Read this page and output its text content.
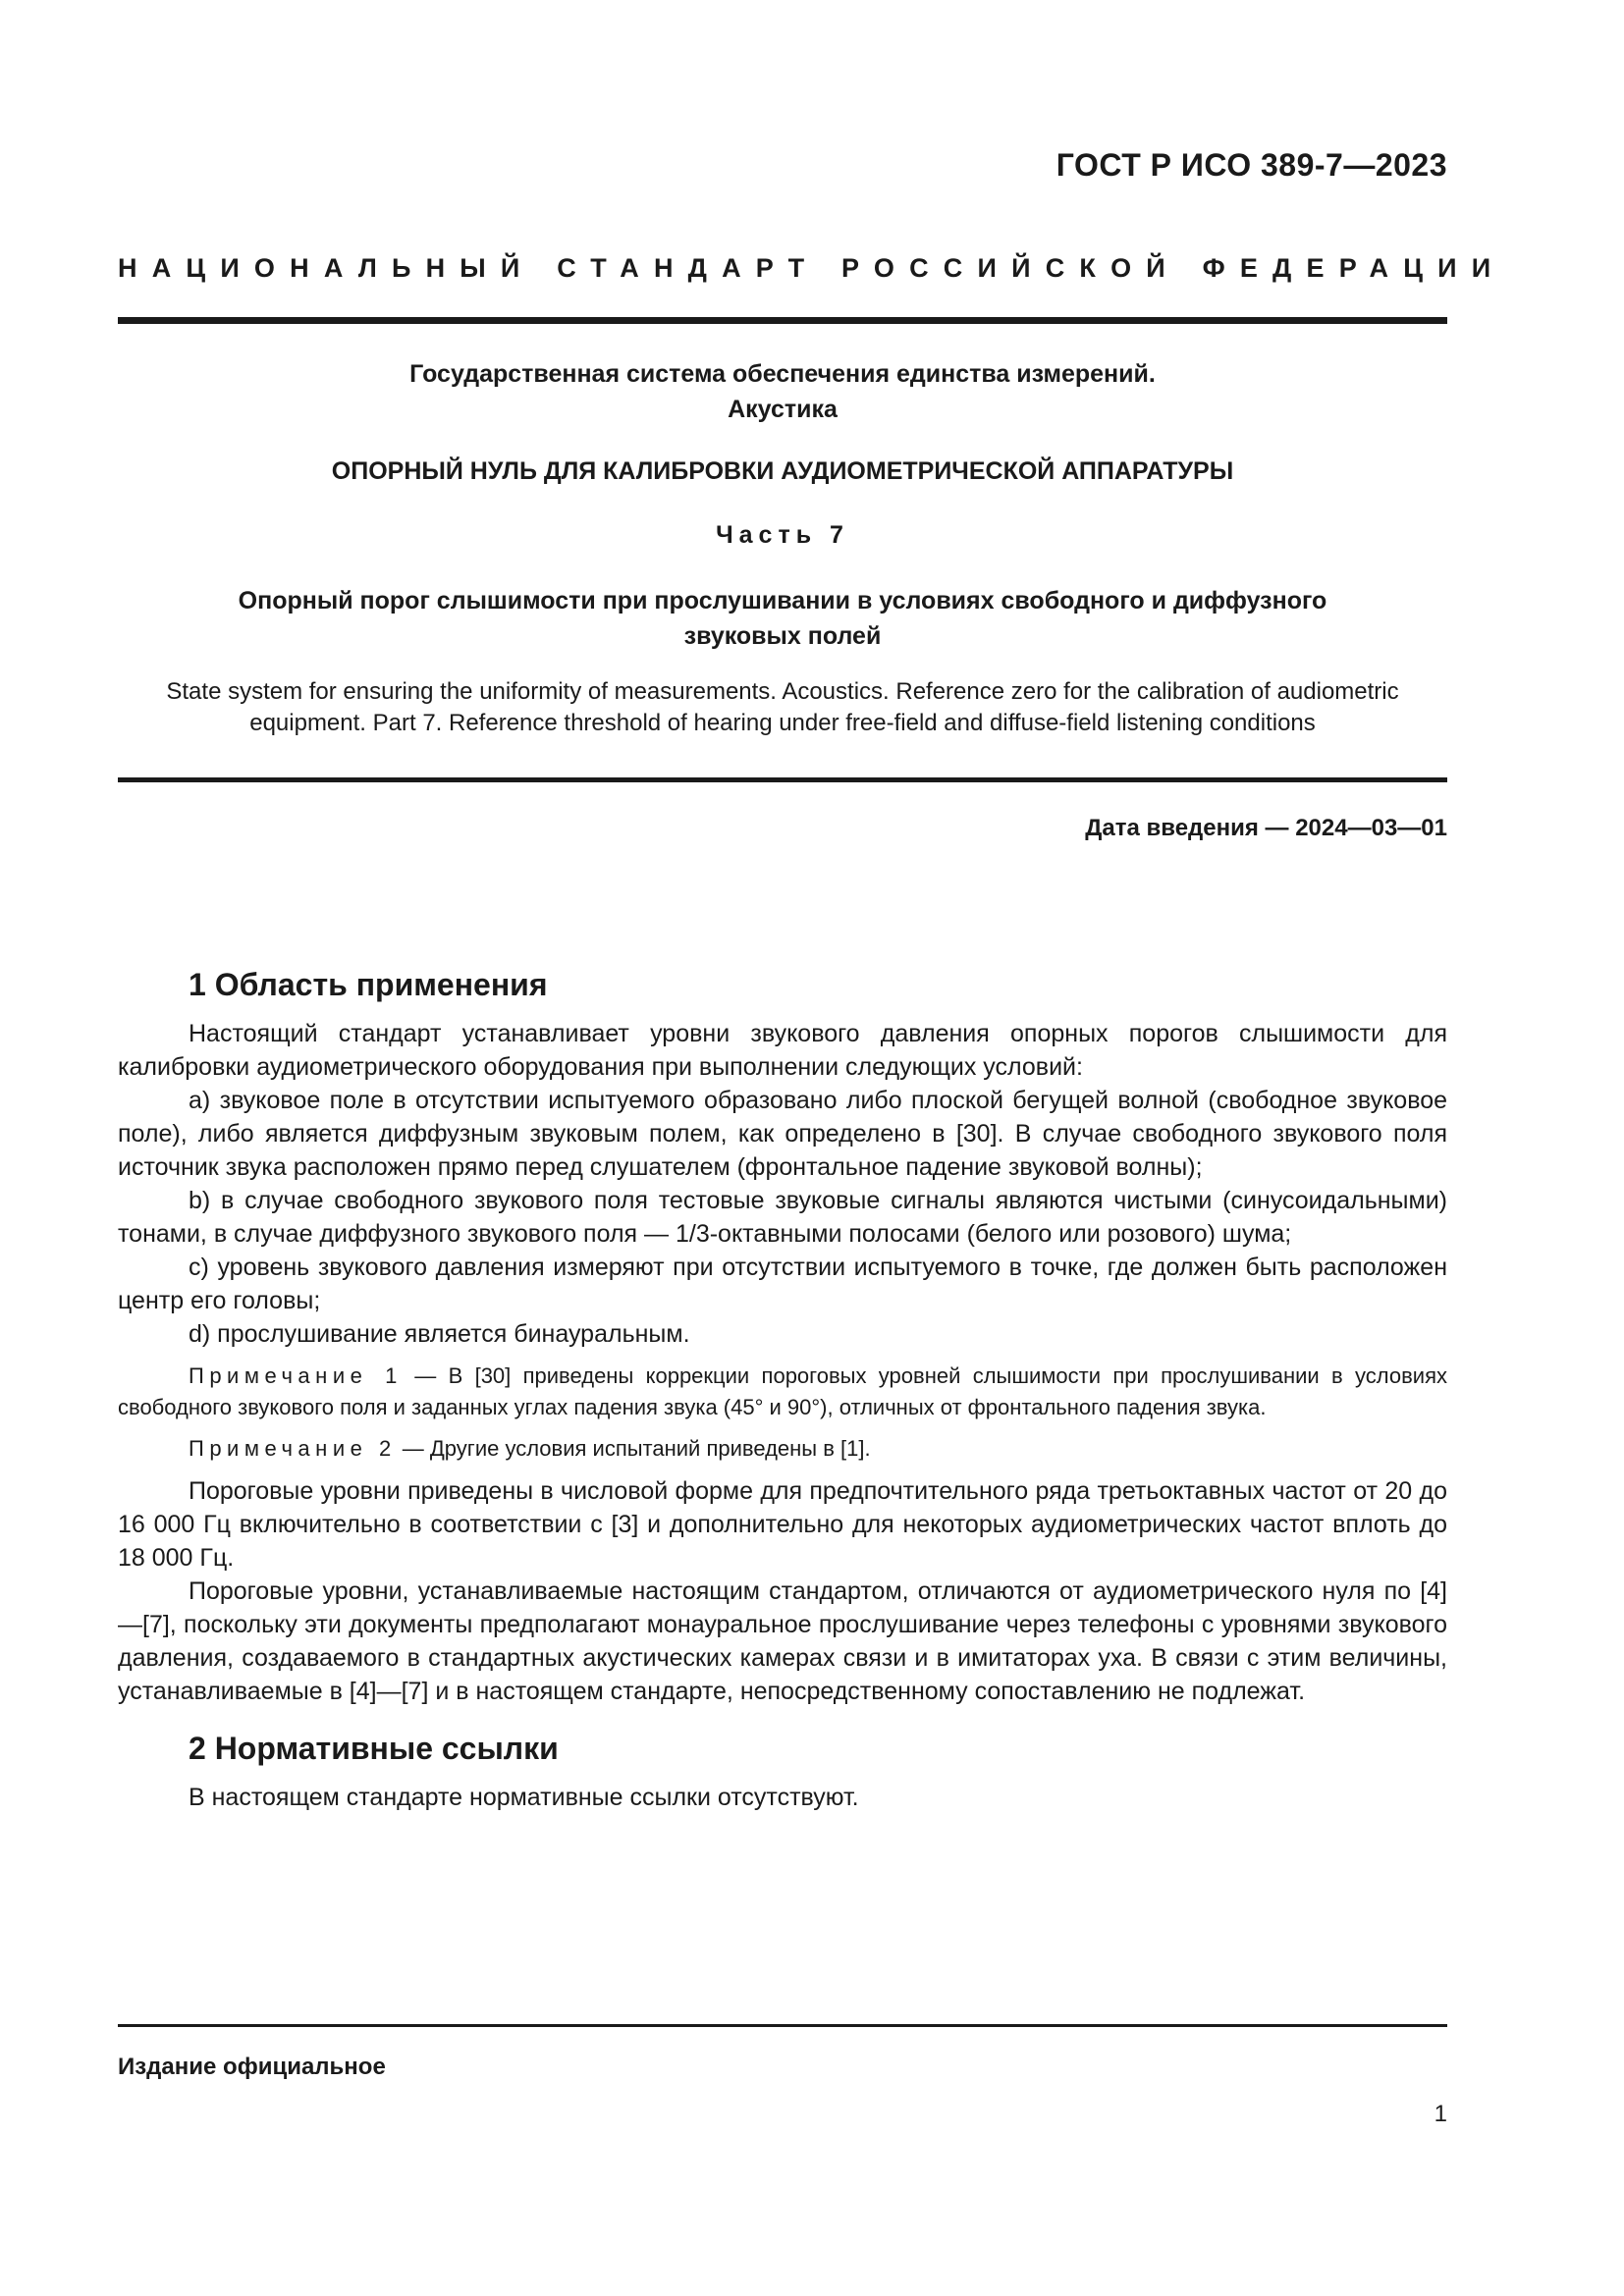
ГОСТ Р ИСО 389-7—2023
НАЦИОНАЛЬНЫЙ СТАНДАРТ РОССИЙСКОЙ ФЕДЕРАЦИИ
Государственная система обеспечения единства измерений.
Акустика
ОПОРНЫЙ НУЛЬ ДЛЯ КАЛИБРОВКИ АУДИОМЕТРИЧЕСКОЙ АППАРАТУРЫ
Часть 7
Опорный порог слышимости при прослушивании в условиях свободного и диффузного
звуковых полей
State system for ensuring the uniformity of measurements. Acoustics. Reference zero for the calibration of audiometric
equipment. Part 7. Reference threshold of hearing under free-field and diffuse-field listening conditions
Дата введения — 2024—03—01
1 Область применения

Настоящий стандарт устанавливает уровни звукового давления опорных порогов слышимости для калибровки аудиометрического оборудования при выполнении следующих условий:

a) звуковое поле в отсутствии испытуемого образовано либо плоской бегущей волной (свободное звуковое поле), либо является диффузным звуковым полем, как определено в [30]. В случае свободного звукового поля источник звука расположен прямо перед слушателем (фронтальное падение звуковой волны);

b) в случае свободного звукового поля тестовые звуковые сигналы являются чистыми (синусоидальными) тонами, в случае диффузного звукового поля — 1/3-октавными полосами (белого или розового) шума;

c) уровень звукового давления измеряют при отсутствии испытуемого в точке, где должен быть расположен центр его головы;

d) прослушивание является бинауральным.

Примечание 1 — В [30] приведены коррекции пороговых уровней слышимости при прослушивании в условиях свободного звукового поля и заданных углах падения звука (45° и 90°), отличных от фронтального падения звука.

Примечание 2 — Другие условия испытаний приведены в [1].

Пороговые уровни приведены в числовой форме для предпочтительного ряда третьоктавных частот от 20 до 16 000 Гц включительно в соответствии с [3] и дополнительно для некоторых аудиометрических частот вплоть до 18 000 Гц.

Пороговые уровни, устанавливаемые настоящим стандартом, отличаются от аудиометрического нуля по [4]—[7], поскольку эти документы предполагают монауральное прослушивание через телефоны с уровнями звукового давления, создаваемого в стандартных акустических камерах связи и в имитаторах уха. В связи с этим величины, устанавливаемые в [4]—[7] и в настоящем стандарте, непосредственному сопоставлению не подлежат.

2 Нормативные ссылки

В настоящем стандарте нормативные ссылки отсутствуют.

Издание официальное
1
